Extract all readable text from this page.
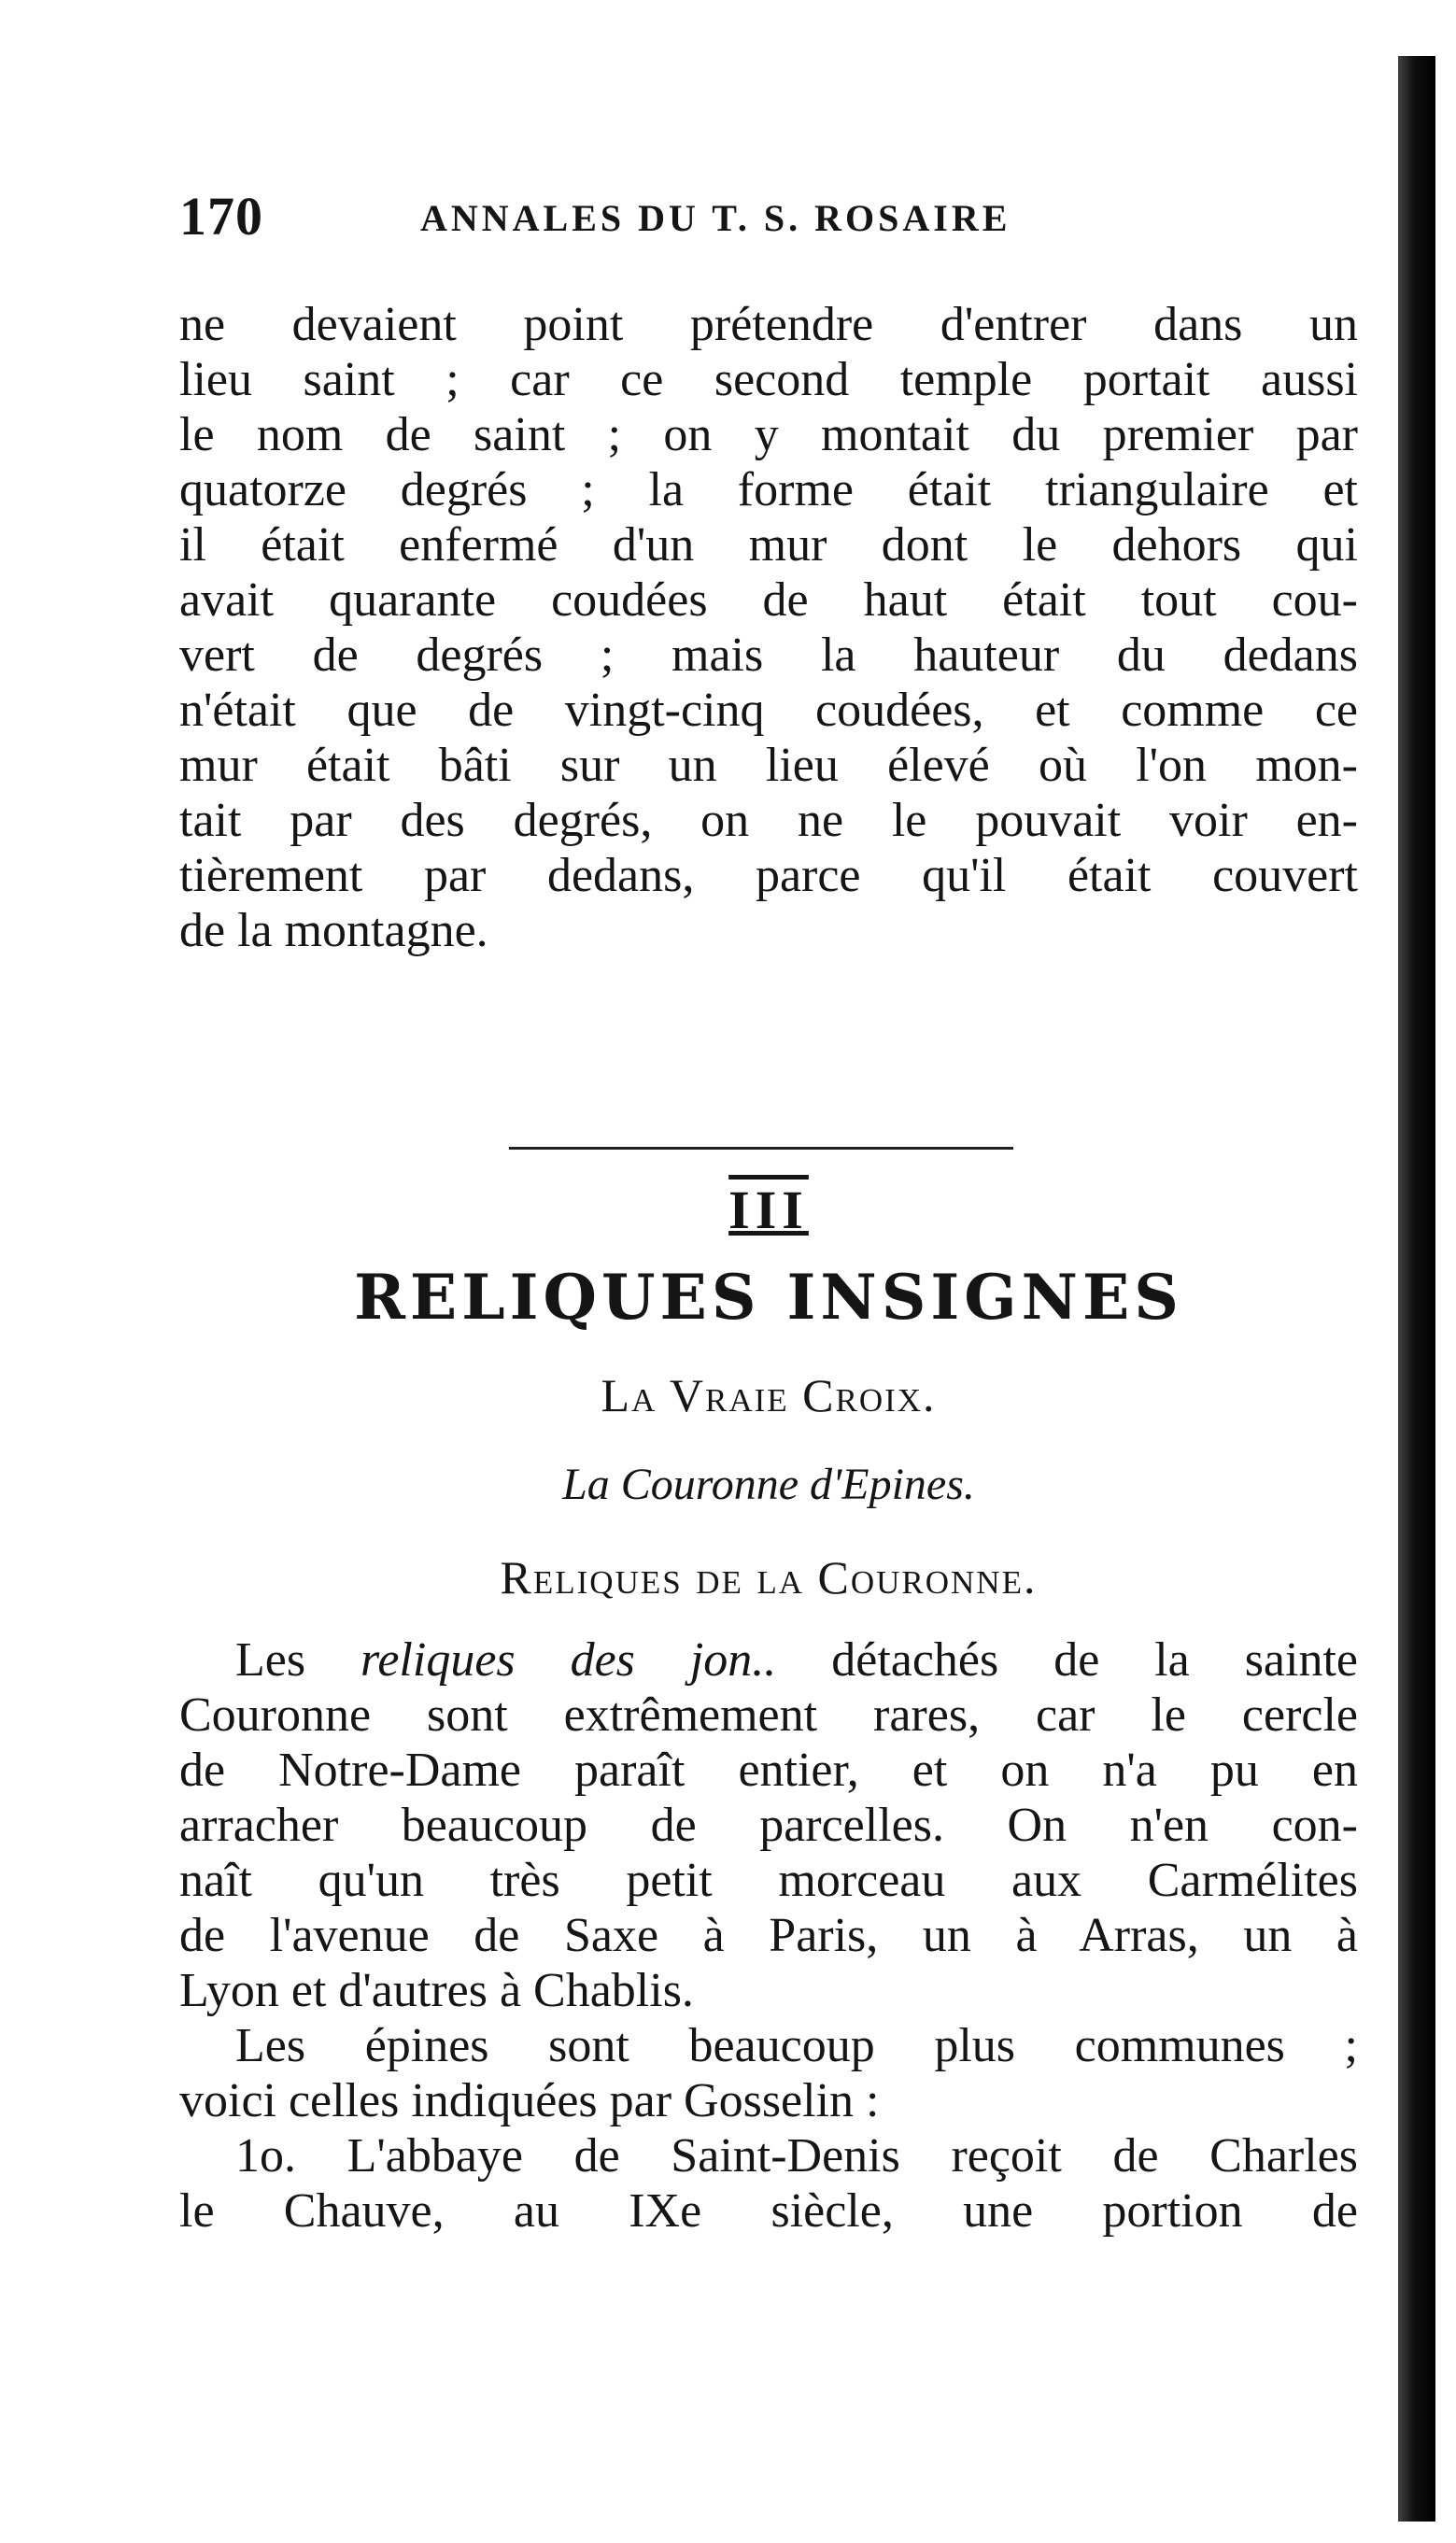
170	ANNALES DU T. S. ROSAIRE
ne devaient point prétendre d'entrer dans un
lieu saint ; car ce second temple portait aussi
le nom de saint ; on y montait du premier par
quatorze degrés ; la forme était triangulaire et
il était enfermé d'un mur dont le dehors qui
avait quarante coudées de haut était tout cou-
vert de degrés ; mais la hauteur du dedans
n'était que de vingt-cinq coudées, et comme ce
mur était bâti sur un lieu élevé où l'on mon-
tait par des degrés, on ne le pouvait voir en-
tièrement par dedans, parce qu'il était couvert
de la montagne.
III
RELIQUES INSIGNES
La Vraie Croix.
La Couronne d'Epines.
Reliques de la Couronne.
Les reliques des jon.. détachés de la sainte
Couronne sont extrêmement rares, car le cercle
de Notre-Dame paraît entier, et on n'a pu en
arracher beaucoup de parcelles. On n'en con-
naît qu'un très petit morceau aux Carmélites
de l'avenue de Saxe à Paris, un à Arras, un à
Lyon et d'autres à Chablis.
Les épines sont beaucoup plus communes ;
voici celles indiquées par Gosselin :
1o. L'abbaye de Saint-Denis reçoit de Charles
le Chauve, au IXe siècle, une portion de
